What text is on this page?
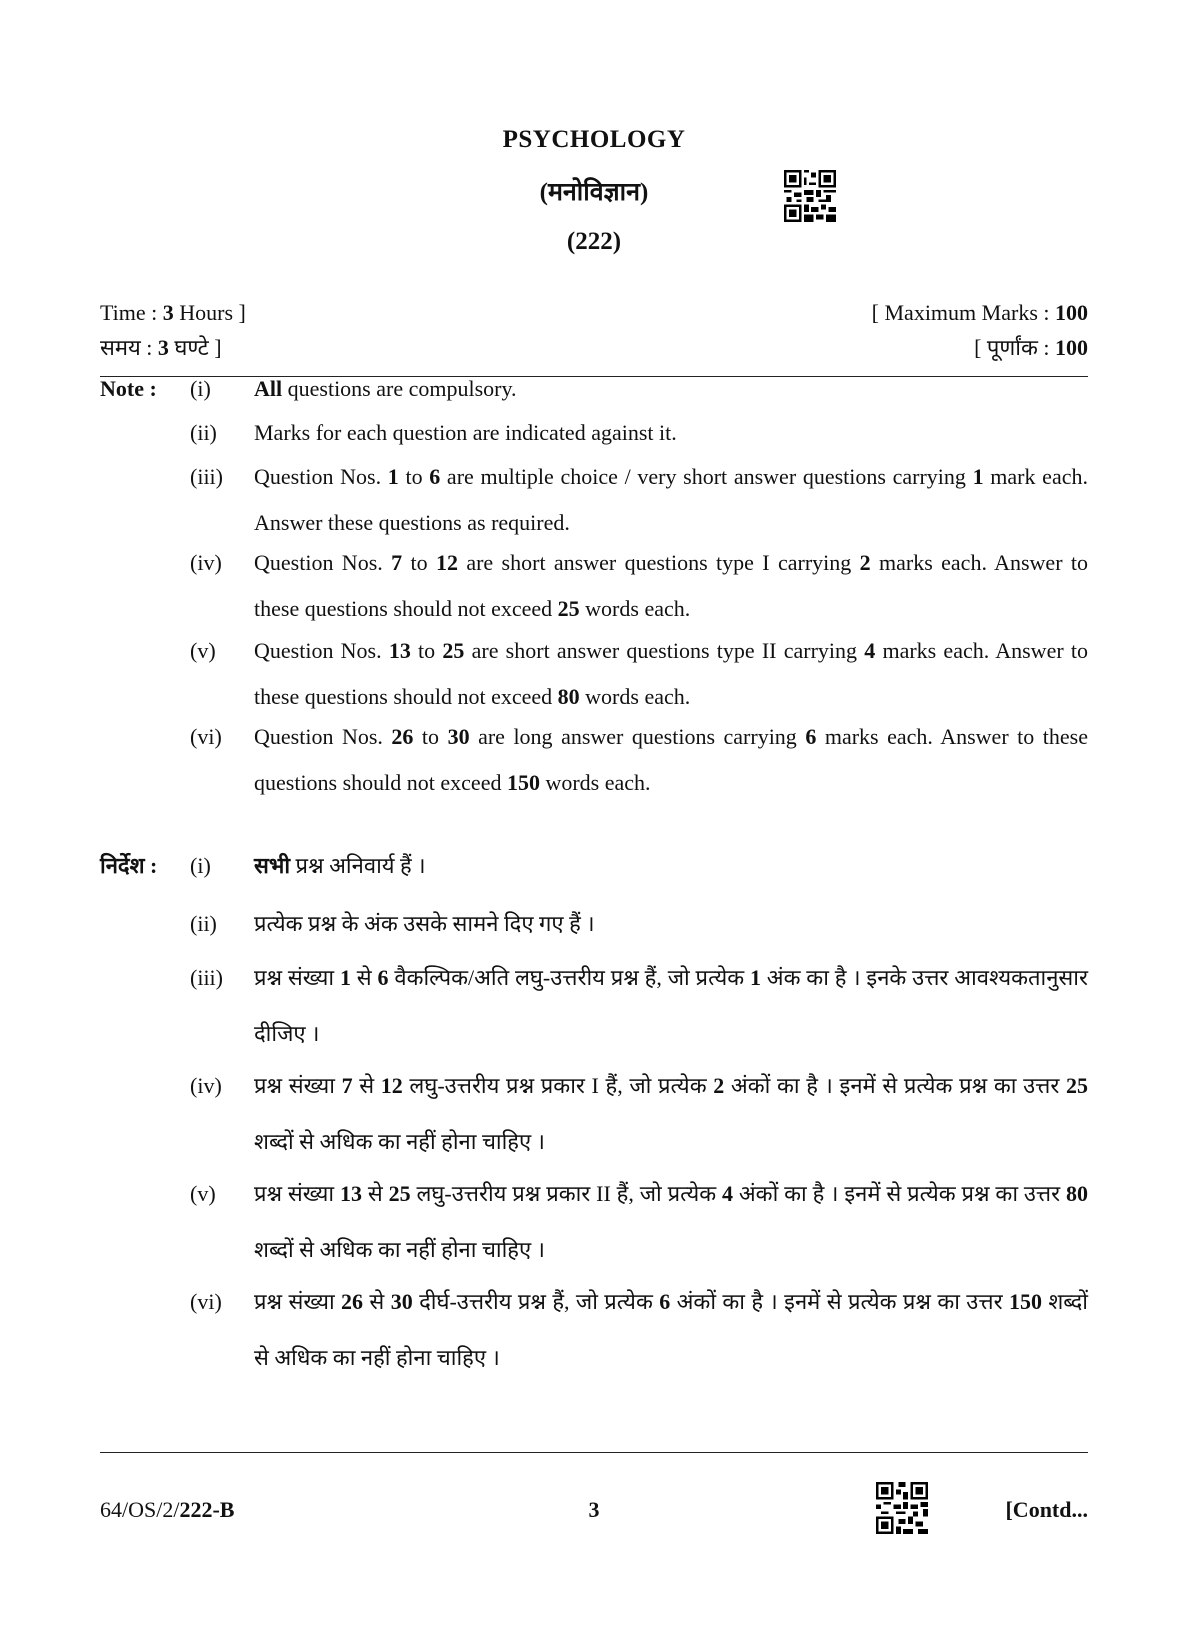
PSYCHOLOGY
(मनोविज्ञान)
(222)
Time : 3 Hours ]
समय : 3 घण्टे ]
[ Maximum Marks : 100
[ पूर्णांक : 100
Note :	(i)	All questions are compulsory.
(ii)	Marks for each question are indicated against it.
(iii)	Question Nos. 1 to 6 are multiple choice / very short answer questions carrying 1 mark each. Answer these questions as required.
(iv)	Question Nos. 7 to 12 are short answer questions type I carrying 2 marks each. Answer to these questions should not exceed 25 words each.
(v)	Question Nos. 13 to 25 are short answer questions type II carrying 4 marks each. Answer to these questions should not exceed 80 words each.
(vi)	Question Nos. 26 to 30 are long answer questions carrying 6 marks each. Answer to these questions should not exceed 150 words each.
निर्देश :	(i)	सभी प्रश्न अनिवार्य हैं ।
(ii)	प्रत्येक प्रश्न के अंक उसके सामने दिए गए हैं ।
(iii)	प्रश्न संख्या 1 से 6 वैकल्पिक/अति लघु-उत्तरीय प्रश्न हैं, जो प्रत्येक 1 अंक का है । इनके उत्तर आवश्यकतानुसार दीजिए ।
(iv)	प्रश्न संख्या 7 से 12 लघु-उत्तरीय प्रश्न प्रकार I हैं, जो प्रत्येक 2 अंकों का है । इनमें से प्रत्येक प्रश्न का उत्तर 25 शब्दों से अधिक का नहीं होना चाहिए ।
(v)	प्रश्न संख्या 13 से 25 लघु-उत्तरीय प्रश्न प्रकार II हैं, जो प्रत्येक 4 अंकों का है । इनमें से प्रत्येक प्रश्न का उत्तर 80 शब्दों से अधिक का नहीं होना चाहिए ।
(vi)	प्रश्न संख्या 26 से 30 दीर्घ-उत्तरीय प्रश्न हैं, जो प्रत्येक 6 अंकों का है । इनमें से प्रत्येक प्रश्न का उत्तर 150 शब्दों से अधिक का नहीं होना चाहिए ।
64/OS/2/222-B	3	[Contd...
